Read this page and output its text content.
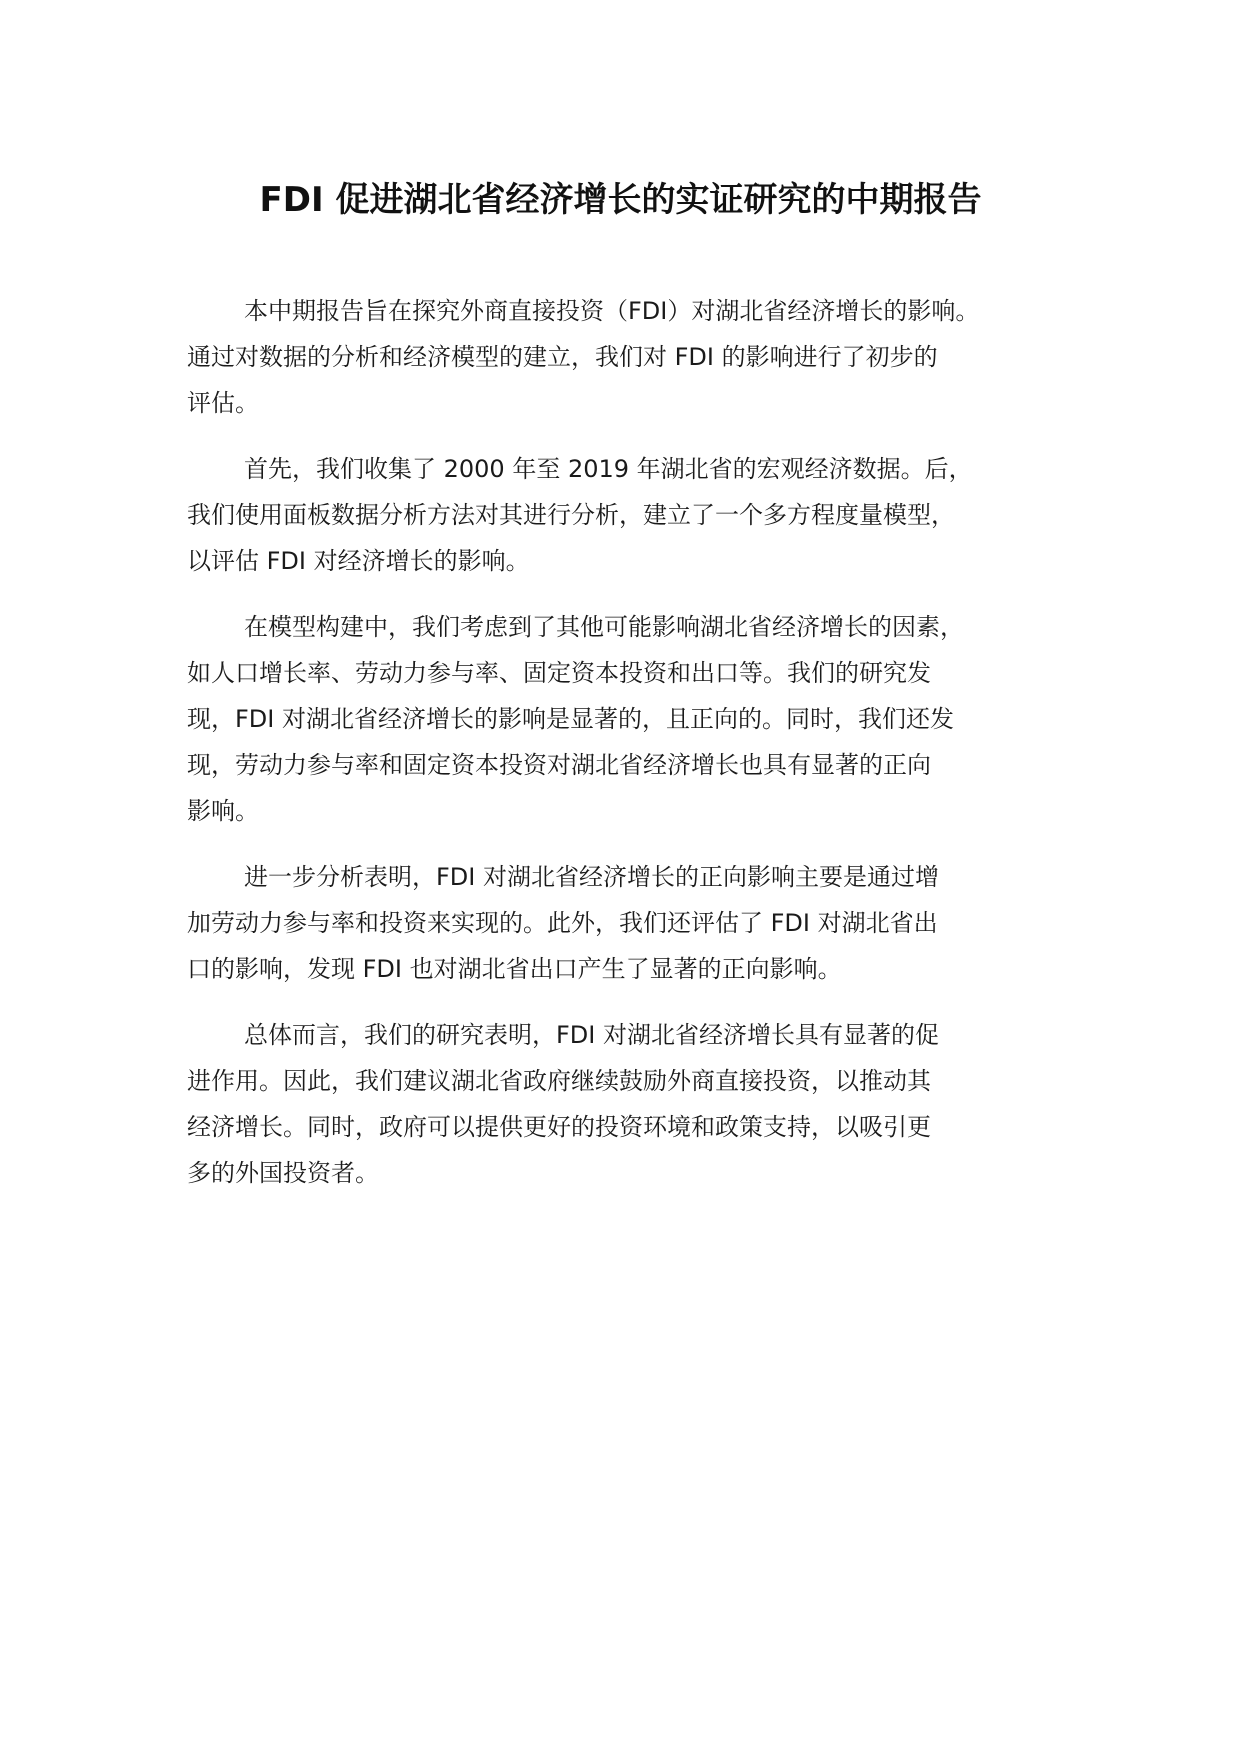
FDI 促进湖北省经济增长的实证研究的中期报告

本中期报告旨在探究外商直接投资（FDI）对湖北省经济增长的影响。
通过对数据的分析和经济模型的建立，我们对 FDI 的影响进行了初步的
评估。

首先，我们收集了 2000 年至 2019 年湖北省的宏观经济数据。后，
我们使用面板数据分析方法对其进行分析，建立了一个多方程度量模型，
以评估 FDI 对经济增长的影响。

在模型构建中，我们考虑到了其他可能影响湖北省经济增长的因素，
如人口增长率、劳动力参与率、固定资本投资和出口等。我们的研究发
现，FDI 对湖北省经济增长的影响是显著的，且正向的。同时，我们还发
现，劳动力参与率和固定资本投资对湖北省经济增长也具有显著的正向
影响。

进一步分析表明，FDI 对湖北省经济增长的正向影响主要是通过增
加劳动力参与率和投资来实现的。此外，我们还评估了 FDI 对湖北省出
口的影响，发现 FDI 也对湖北省出口产生了显著的正向影响。

总体而言，我们的研究表明，FDI 对湖北省经济增长具有显著的促
进作用。因此，我们建议湖北省政府继续鼓励外商直接投资，以推动其
经济增长。同时，政府可以提供更好的投资环境和政策支持，以吸引更
多的外国投资者。
